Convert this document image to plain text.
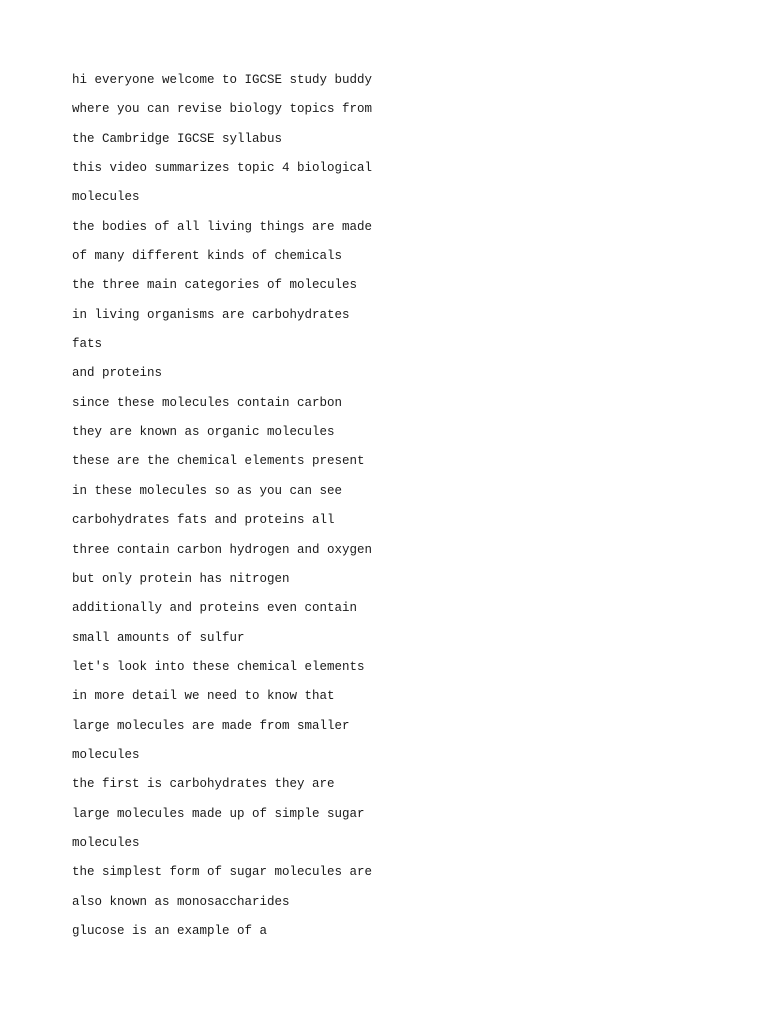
hi everyone welcome to IGCSE study buddy
where you can revise biology topics from
the Cambridge IGCSE syllabus
this video summarizes topic 4 biological
molecules
the bodies of all living things are made
of many different kinds of chemicals
the three main categories of molecules
in living organisms are carbohydrates
fats
and proteins
since these molecules contain carbon
they are known as organic molecules
these are the chemical elements present
in these molecules so as you can see
carbohydrates fats and proteins all
three contain carbon hydrogen and oxygen
but only protein has nitrogen
additionally and proteins even contain
small amounts of sulfur
let's look into these chemical elements
in more detail we need to know that
large molecules are made from smaller
molecules
the first is carbohydrates they are
large molecules made up of simple sugar
molecules
the simplest form of sugar molecules are
also known as monosaccharides
glucose is an example of a
